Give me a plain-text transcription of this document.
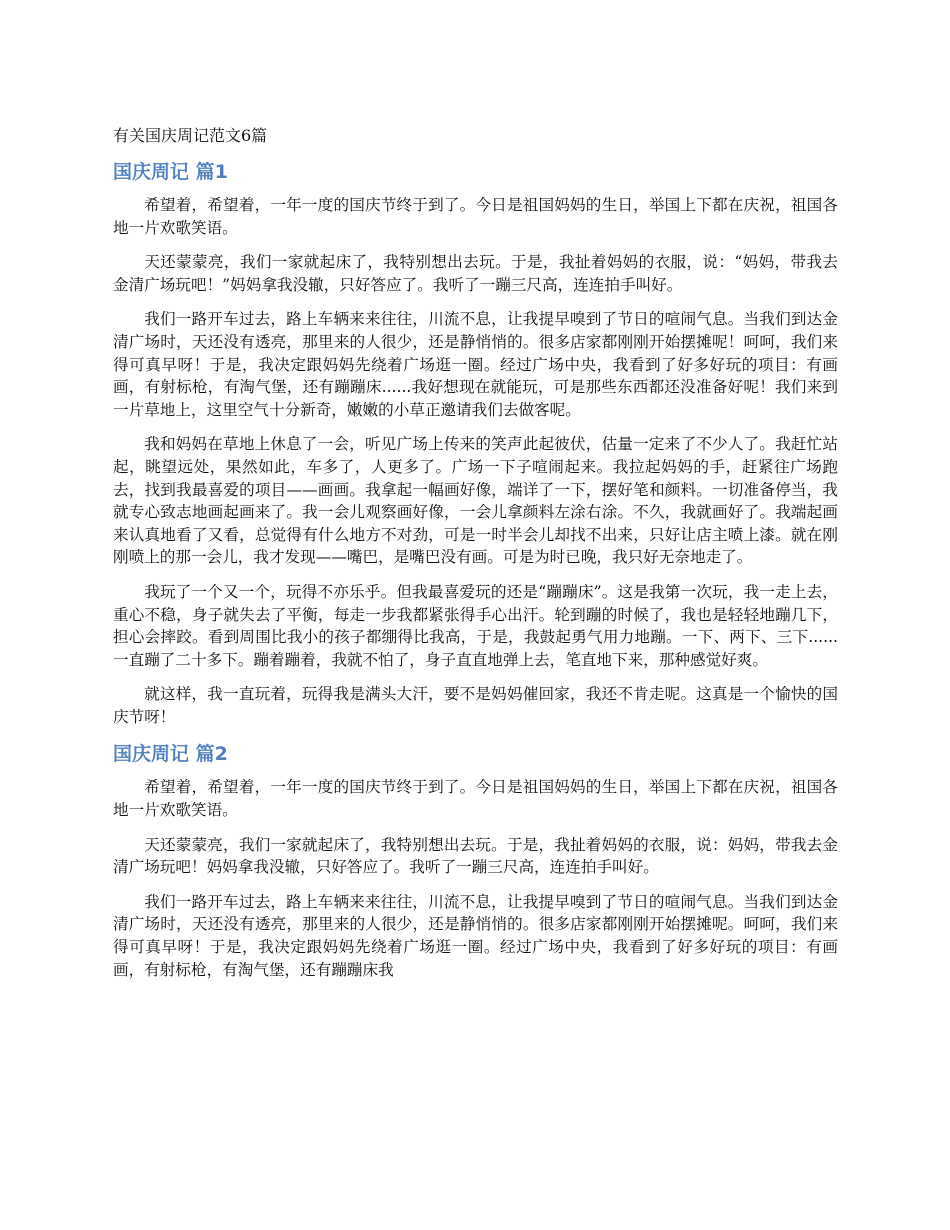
有关国庆周记范文6篇
国庆周记 篇1

希望着，希望着，一年一度的国庆节终于到了。今日是祖国妈妈的生日，举国上下都在庆祝，祖国各地一片欢歌笑语。

天还蒙蒙亮，我们一家就起床了，我特别想出去玩。于是，我扯着妈妈的衣服，说：“妈妈，带我去金清广场玩吧！”妈妈拿我没辙，只好答应了。我听了一蹦三尺高，连连拍手叫好。

我们一路开车过去，路上车辆来来往往，川流不息，让我提早嗅到了节日的喧闹气息。当我们到达金清广场时，天还没有透亮，那里来的人很少，还是静悄悄的。很多店家都刚刚开始摆摊呢！呵呵，我们来得可真早呀！于是，我决定跟妈妈先绕着广场逛一圈。经过广场中央，我看到了好多好玩的项目：有画画，有射标枪，有淘气堡，还有蹦蹦床......我好想现在就能玩，可是那些东西都还没准备好呢！我们来到一片草地上，这里空气十分新奇，嫩嫩的小草正邀请我们去做客呢。

我和妈妈在草地上休息了一会，听见广场上传来的笑声此起彼伏，估量一定来了不少人了。我赶忙站起，眺望远处，果然如此，车多了，人更多了。广场一下子喧闹起来。我拉起妈妈的手，赶紧往广场跑去，找到我最喜爱的项目——画画。我拿起一幅画好像，端详了一下，摆好笔和颜料。一切准备停当，我就专心致志地画起画来了。我一会儿观察画好像，一会儿拿颜料左涂右涂。不久，我就画好了。我端起画来认真地看了又看，总觉得有什么地方不对劲，可是一时半会儿却找不出来，只好让店主喷上漆。就在刚刚喷上的那一会儿，我才发现——嘴巴，是嘴巴没有画。可是为时已晚，我只好无奈地走了。

我玩了一个又一个，玩得不亦乐乎。但我最喜爱玩的还是“蹦蹦床”。这是我第一次玩，我一走上去，重心不稳，身子就失去了平衡，每走一步我都紧张得手心出汗。轮到蹦的时候了，我也是轻轻地蹦几下，担心会摔跤。看到周围比我小的孩子都绷得比我高，于是，我鼓起勇气用力地蹦。一下、两下、三下......一直蹦了二十多下。蹦着蹦着，我就不怕了，身子直直地弹上去，笔直地下来，那种感觉好爽。

就这样，我一直玩着，玩得我是满头大汗，要不是妈妈催回家，我还不肯走呢。这真是一个愉快的国庆节呀！

国庆周记 篇2

希望着，希望着，一年一度的国庆节终于到了。今日是祖国妈妈的生日，举国上下都在庆祝，祖国各地一片欢歌笑语。

天还蒙蒙亮，我们一家就起床了，我特别想出去玩。于是，我扯着妈妈的衣服，说：妈妈，带我去金清广场玩吧！妈妈拿我没辙，只好答应了。我听了一蹦三尺高，连连拍手叫好。

我们一路开车过去，路上车辆来来往往，川流不息，让我提早嗅到了节日的喧闹气息。当我们到达金清广场时，天还没有透亮，那里来的人很少，还是静悄悄的。很多店家都刚刚开始摆摊呢。呵呵，我们来得可真早呀！于是，我决定跟妈妈先绕着广场逛一圈。经过广场中央，我看到了好多好玩的项目：有画画，有射标枪，有淘气堡，还有蹦蹦床我
